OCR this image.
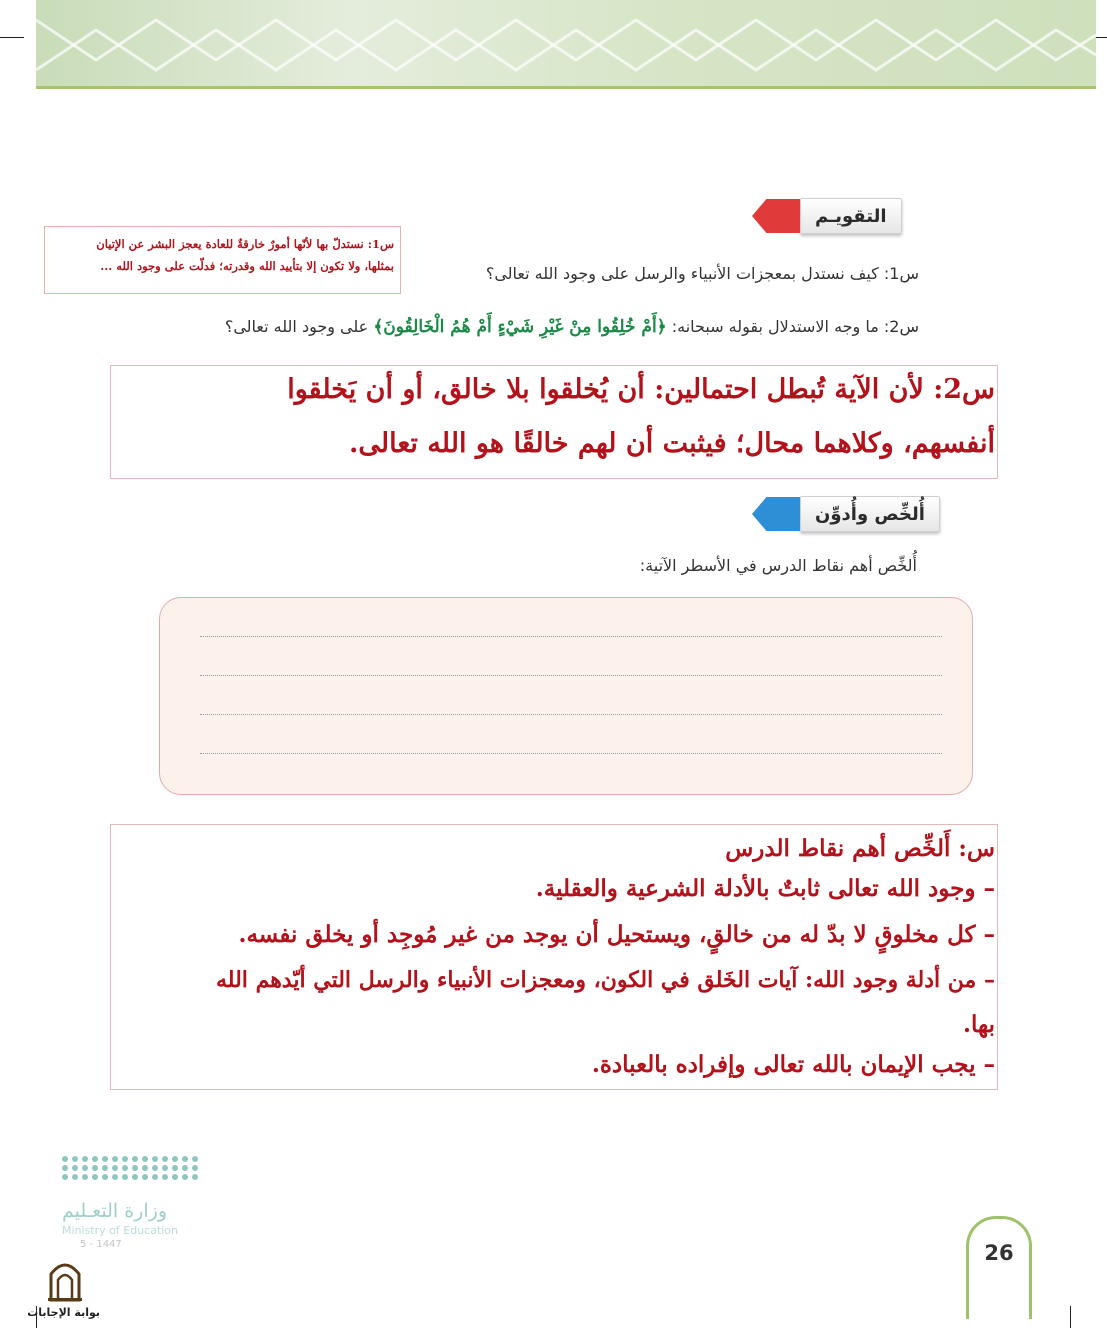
التقويـم
س1: نستدلّ بها لأنّها أمورٌ خارقةٌ للعادة يعجز البشر عن الإتيان
بمثلها، ولا تكون إلا بتأييد الله وقدرته؛ فدلّت على وجود الله ...	س1: كيف نستدل بمعجزات الأنبياء والرسل على وجود الله تعالى؟
س2: ما وجه الاستدلال بقوله سبحانه: ﴿أَمْ خُلِقُوا مِنْ غَيْرِ شَيْءٍ أَمْ هُمُ الْخَالِقُونَ﴾ على وجود الله تعالى؟
س2: لأن الآية تُبطل احتمالين: أن يُخلقوا بلا خالق، أو أن يَخلقوا
أنفسهم، وكلاهما محال؛ فيثبت أن لهم خالقًا هو الله تعالى.
أُلخِّص وأُدوِّن
أُلخِّص أهم نقاط الدرس في الأسطر الآتية:
س: أَلخِّص أهم نقاط الدرس
– وجود الله تعالى ثابتٌ بالأدلة الشرعية والعقلية.
– كل مخلوقٍ لا بدّ له من خالقٍ، ويستحيل أن يوجد من غير مُوجِد أو يخلق نفسه.
– من أدلة وجود الله: آيات الخَلق في الكون، ومعجزات الأنبياء والرسل التي أيّدهم الله
بها.
– يجب الإيمان بالله تعالى وإفراده بالعبادة.
وزارة التعـليم
Ministry of Education
5 - 1447
بوابة الإجابات
26
